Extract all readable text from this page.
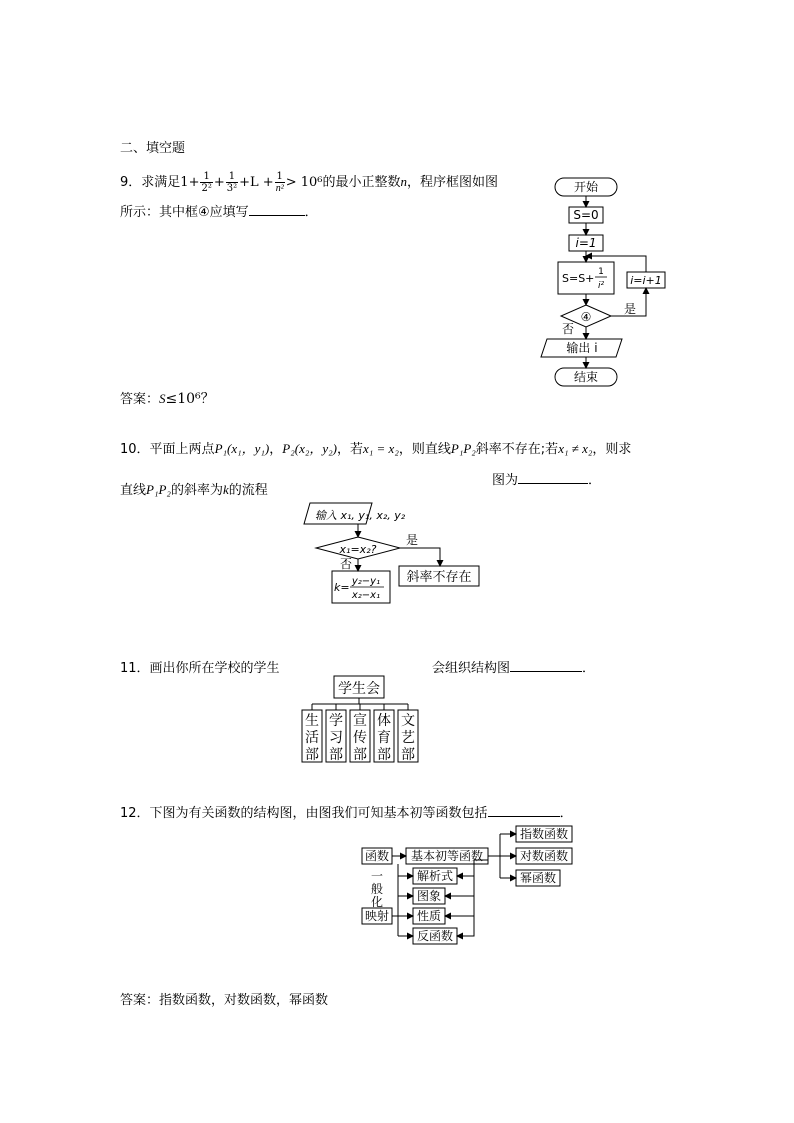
二、填空题
9．求满足$1+ \frac{1}{\text{2²}} + \frac{1}{\text{3²}} +L + \frac{1}{\text{n²}} > 10^6$的最小正整数n，程序框图如图
所示：其中框④应填写	．
答案：S≤10⁶？
开始
S=0
i=1
S=S+ 1
i² i=i+1
④
是
否
输出 i
结束
10．平面上两点P₁(x₁，y₁)，P₂(x₂，y₂)，若x₁ = x₂，则直线P₁P₂斜率不存在;若x₁ ≠ x₂，则求
直线P₁P₂的斜率为k的流程
图为	．
输入 x₁, y₁, x₂, y₂
x₁=x₂?
是
否
k= y₂−y₁
x₂−x₁
斜率不存在
11．画出你所在学校的学生	会组织结构图	．
学生会
生
活
部
学
习
部
宣
传
部
体
育
部
文
艺
部
12．下图为有关函数的结构图，由图我们可知基本初等函数包括	．
答案：指数函数，对数函数，幂函数
函数
一
般
化
映射
基本初等函数
指数函数
对数函数
幂函数
解析式
图象
性质
反函数
